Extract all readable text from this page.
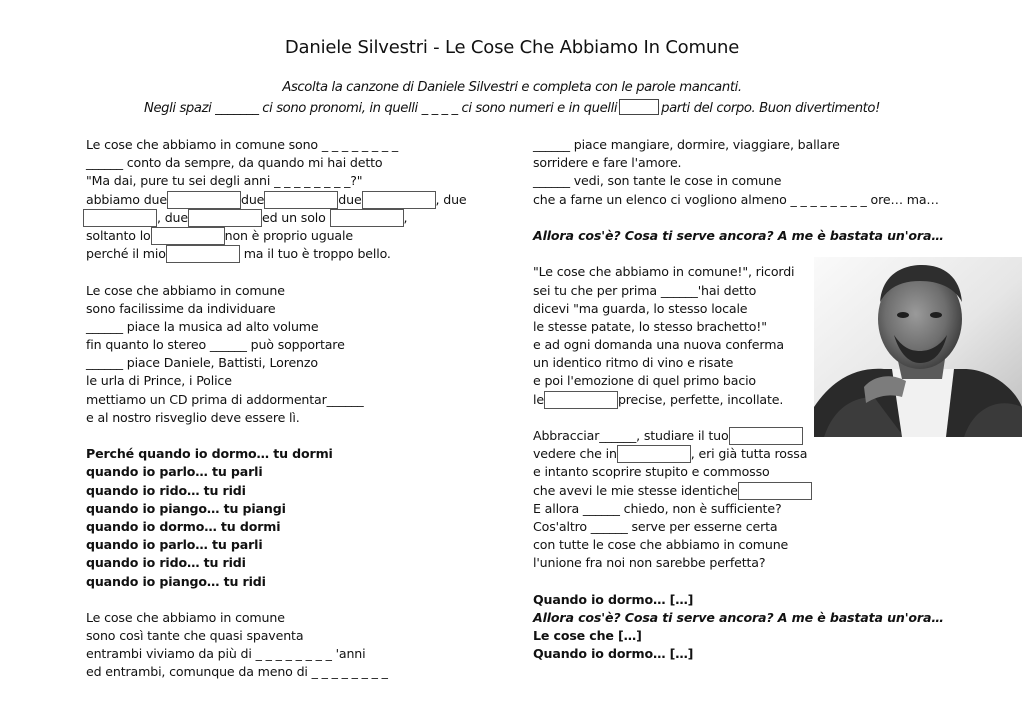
Daniele Silvestri - Le Cose Che Abbiamo In Comune
Ascolta la canzone di Daniele Silvestri e completa con le parole mancanti.
Negli spazi _______ ci sono pronomi, in quelli _ _ _ _ ci sono numeri e in quelli	parti del corpo. Buon divertimento!
Le cose che abbiamo in comune sono _ _ _ _ _ _ _ _
______ conto da sempre, da quando mi hai detto
"Ma dai, pure tu sei degli anni _ _ _ _ _ _ _ _?"
abbiamo due	due	due	, due
, due	ed un solo	,
soltanto lo	non è proprio uguale
perché il mio	ma il tuo è troppo bello.
Le cose che abbiamo in comune
sono facilissime da individuare
______ piace la musica ad alto volume
fin quanto lo stereo ______ può sopportare
______ piace Daniele, Battisti, Lorenzo
le urla di Prince, i Police
mettiamo un CD prima di addormentar______
e al nostro risveglio deve essere lì.
Perché quando io dormo… tu dormi
quando io parlo… tu parli
quando io rido… tu ridi
quando io piango… tu piangi
quando io dormo… tu dormi
quando io parlo… tu parli
quando io rido… tu ridi
quando io piango… tu ridi
Le cose che abbiamo in comune
sono così tante che quasi spaventa
entrambi viviamo da più di _ _ _ _ _ _ _ _ 'anni
ed entrambi, comunque da meno di _ _ _ _ _ _ _ _
______ piace mangiare, dormire, viaggiare, ballare
sorridere e fare l'amore.
______ vedi, son tante le cose in comune
che a farne un elenco ci vogliono almeno _ _ _ _ _ _ _ _ ore… ma…
Allora cos'è? Cosa ti serve ancora? A me è bastata un'ora…
"Le cose che abbiamo in comune!", ricordi
sei tu che per prima ______'hai detto
dicevi "ma guarda, lo stesso locale
le stesse patate, lo stesso brachetto!"
e ad ogni domanda una nuova conferma
un identico ritmo di vino e risate
e poi l'emozione di quel primo bacio
le	precise, perfette, incollate.
Abbracciar______, studiare il tuo
vedere che in	, eri già tutta rossa
e intanto scoprire stupito e commosso
che avevi le mie stesse identiche
E allora ______ chiedo, non è sufficiente?
Cos'altro ______ serve per esserne certa
con tutte le cose che abbiamo in comune
l'unione fra noi non sarebbe perfetta?
Quando io dormo… […]
Allora cos'è? Cosa ti serve ancora? A me è bastata un'ora…
Le cose che […]
Quando io dormo… […]
